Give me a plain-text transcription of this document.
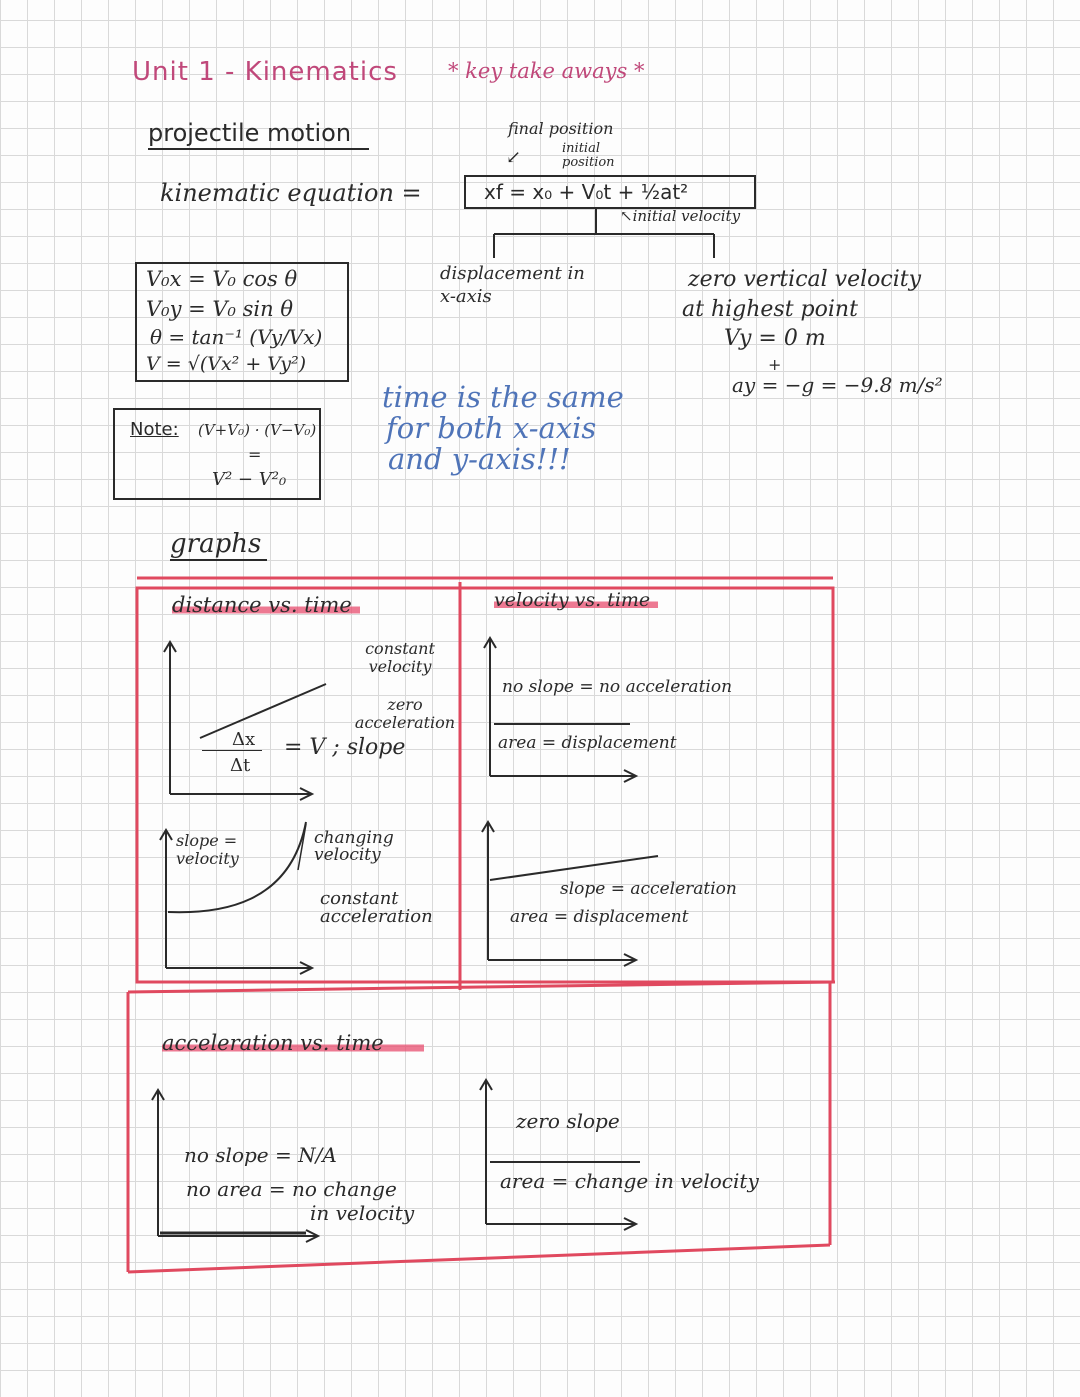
Unit 1 - Kinematics * key take aways *
projectile motion	final position
initial position
↙
kinematic equation =	xf = x₀ + V₀t + ½at²
↖initial velocity
displacement in x-axis
V₀x = V₀ cos θ
V₀y = V₀ sin θ
θ = tan⁻¹ (Vy/Vx)
V = √(Vx² + Vy²)
Note: (V+V₀) · (V−V₀)
=
V² − V²₀
time is the same
for both x-axis
and y-axis!!!
zero vertical velocity
at highest point
Vy = 0 m
+
ay = −g = −9.8 m/s²
graphs
distance vs. time
constant velocity
zero acceleration
Δx
Δt
= V ; slope
slope = velocity
changing velocity
constant acceleration
velocity vs. time
no slope = no acceleration
area = displacement
slope = acceleration
area = displacement
acceleration vs. time
no slope = N/A
no area = no change
in velocity
zero slope
area = change in velocity
